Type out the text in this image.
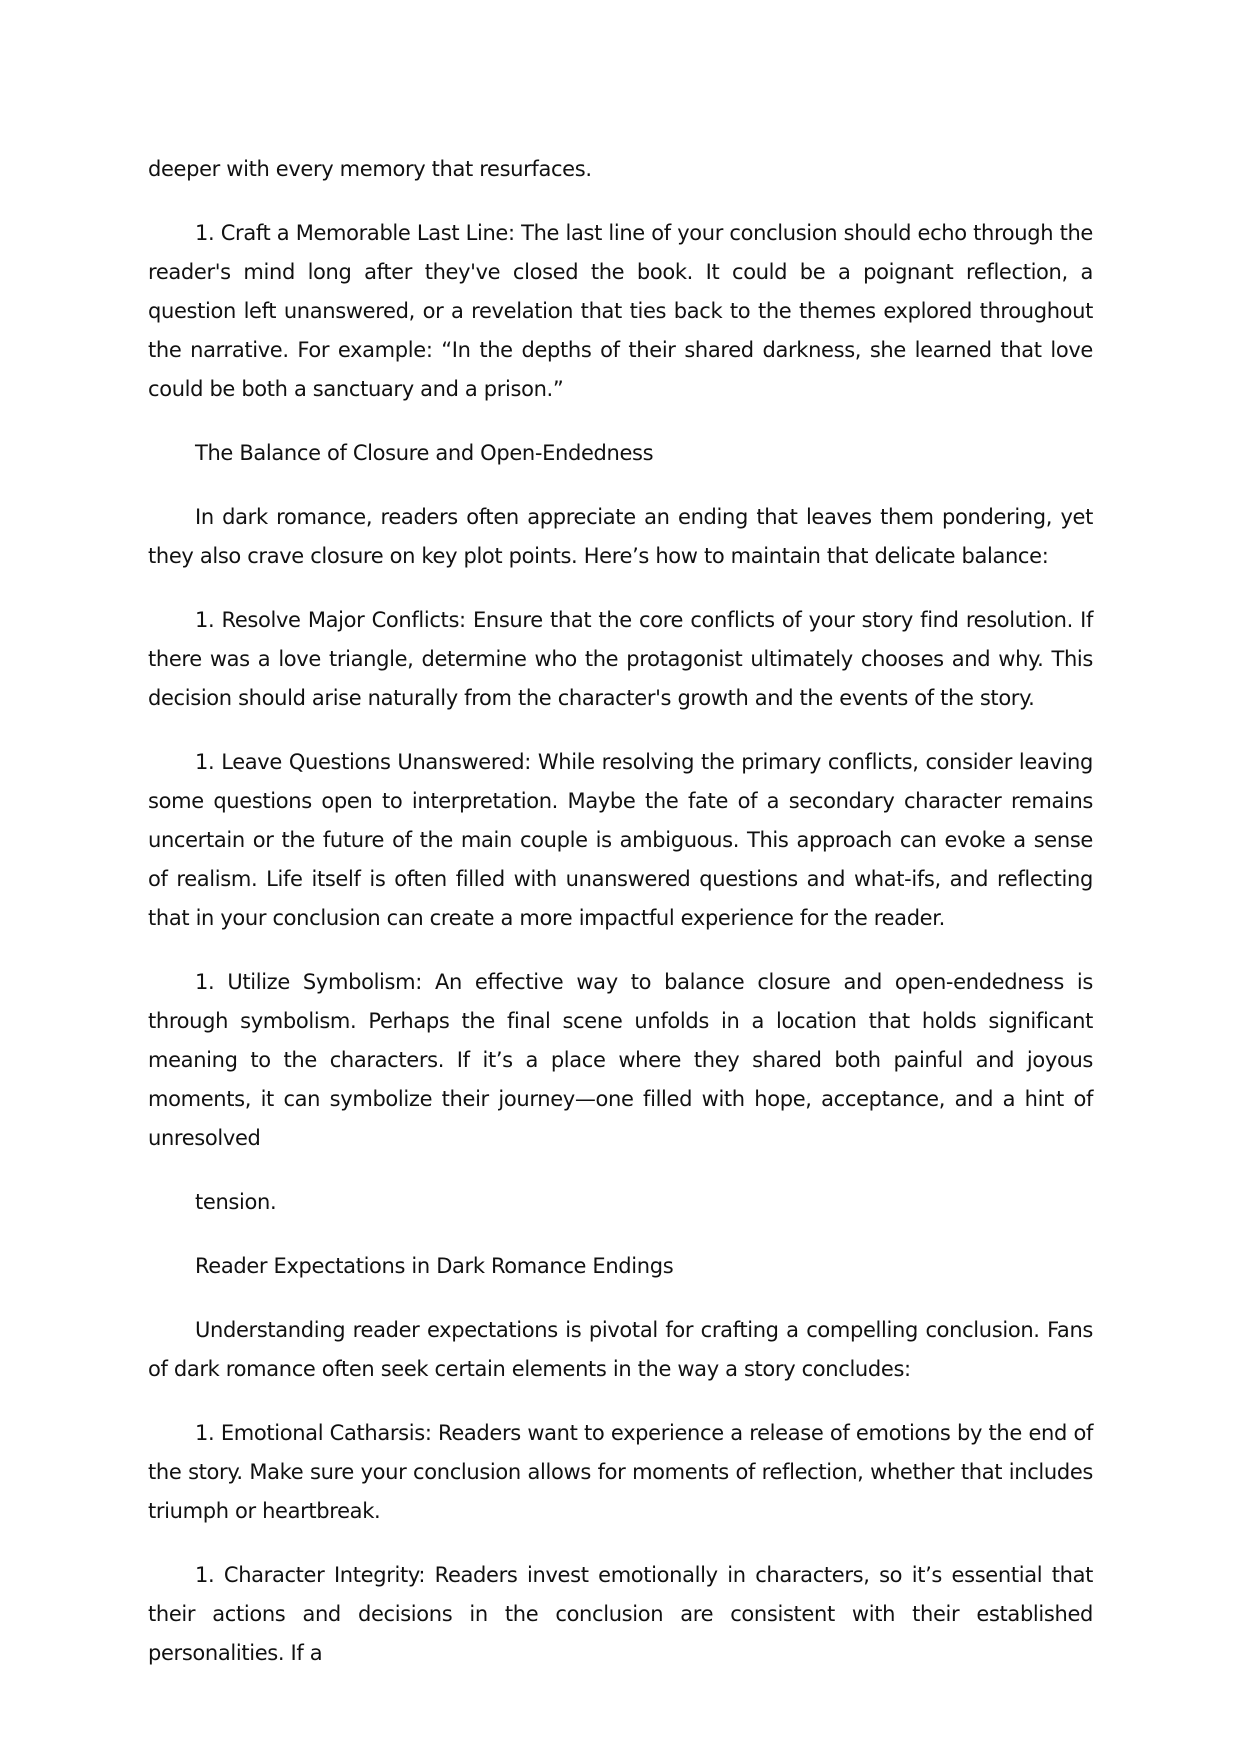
deeper with every memory that resurfaces.

1. Craft a Memorable Last Line: The last line of your conclusion should echo through the reader's mind long after they've closed the book. It could be a poignant reflection, a question left unanswered, or a revelation that ties back to the themes explored throughout the narrative. For example: “In the depths of their shared darkness, she learned that love could be both a sanctuary and a prison.”

The Balance of Closure and Open-Endedness

In dark romance, readers often appreciate an ending that leaves them pondering, yet they also crave closure on key plot points. Here’s how to maintain that delicate balance:

1. Resolve Major Conflicts: Ensure that the core conflicts of your story find resolution. If there was a love triangle, determine who the protagonist ultimately chooses and why. This decision should arise naturally from the character's growth and the events of the story.

1. Leave Questions Unanswered: While resolving the primary conflicts, consider leaving some questions open to interpretation. Maybe the fate of a secondary character remains uncertain or the future of the main couple is ambiguous. This approach can evoke a sense of realism. Life itself is often filled with unanswered questions and what-ifs, and reflecting that in your conclusion can create a more impactful experience for the reader.

1. Utilize Symbolism: An effective way to balance closure and open-endedness is through symbolism. Perhaps the final scene unfolds in a location that holds significant meaning to the characters. If it’s a place where they shared both painful and joyous moments, it can symbolize their journey—one filled with hope, acceptance, and a hint of unresolved

tension.

Reader Expectations in Dark Romance Endings

Understanding reader expectations is pivotal for crafting a compelling conclusion. Fans of dark romance often seek certain elements in the way a story concludes:

1. Emotional Catharsis: Readers want to experience a release of emotions by the end of the story. Make sure your conclusion allows for moments of reflection, whether that includes triumph or heartbreak.

1. Character Integrity: Readers invest emotionally in characters, so it’s essential that their actions and decisions in the conclusion are consistent with their established personalities. If a
